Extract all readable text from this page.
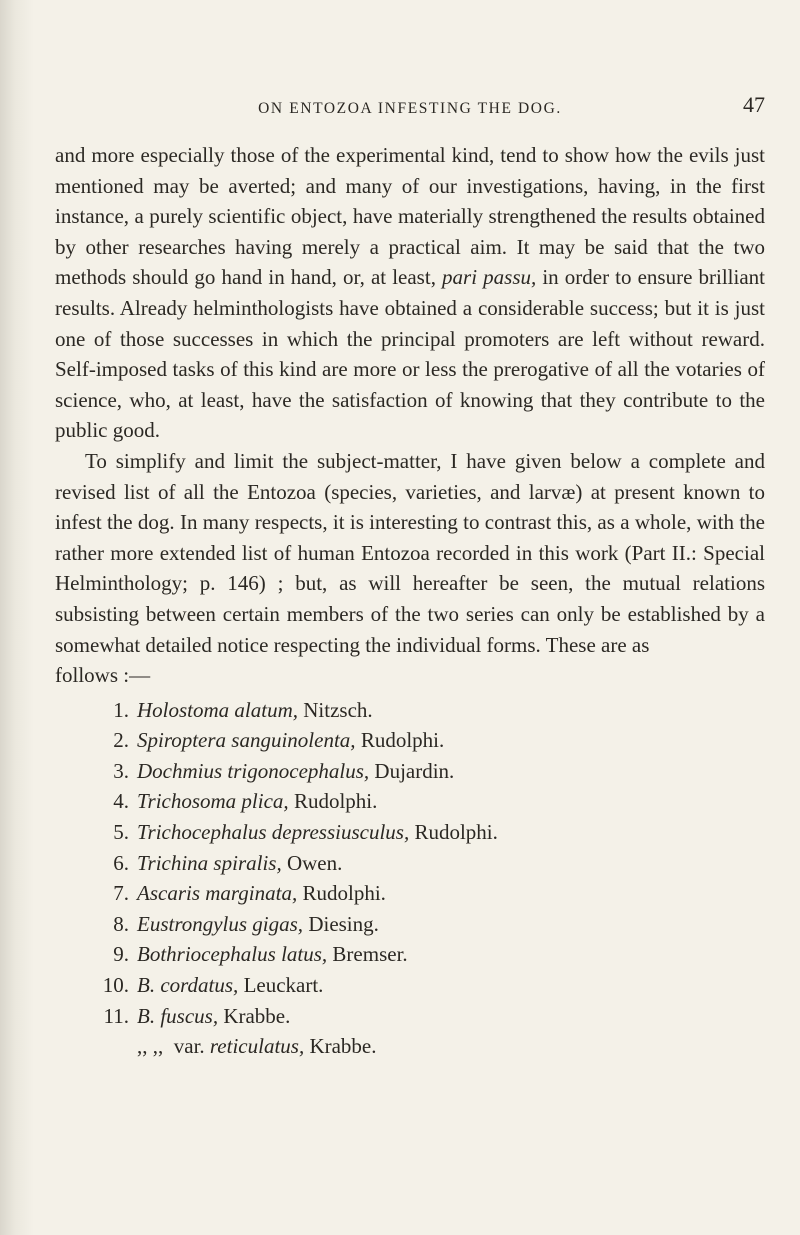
ON ENTOZOA INFESTING THE DOG.	47

and more especially those of the experimental kind, tend to show how the evils just mentioned may be averted; and many of our investigations, having, in the first instance, a purely scientific object, have materially strengthened the results obtained by other researches having merely a practical aim. It may be said that the two methods should go hand in hand, or, at least, pari passu, in order to ensure brilliant results. Already helminthologists have obtained a considerable success; but it is just one of those successes in which the principal promoters are left without reward. Self-imposed tasks of this kind are more or less the prerogative of all the votaries of science, who, at least, have the satisfaction of knowing that they contribute to the public good.

To simplify and limit the subject-matter, I have given below a complete and revised list of all the Entozoa (species, varieties, and larvæ) at present known to infest the dog. In many respects, it is interesting to contrast this, as a whole, with the rather more extended list of human Entozoa recorded in this work (Part II.: Special Helminthology; p. 146) ; but, as will hereafter be seen, the mutual relations subsisting between certain members of the two series can only be established by a somewhat detailed notice respecting the individual forms. These are as

follows :—

1. Holostoma alatum, Nitzsch.
2. Spiroptera sanguinolenta, Rudolphi.
3. Dochmius trigonocephalus, Dujardin.
4. Trichosoma plica, Rudolphi.
5. Trichocephalus depressiusculus, Rudolphi.
6. Trichina spiralis, Owen.
7. Ascaris marginata, Rudolphi.
8. Eustrongylus gigas, Diesing.
9. Bothriocephalus latus, Bremser.
10. B. cordatus, Leuckart.
11. B. fuscus, Krabbe.
,, ,, var. reticulatus, Krabbe.
